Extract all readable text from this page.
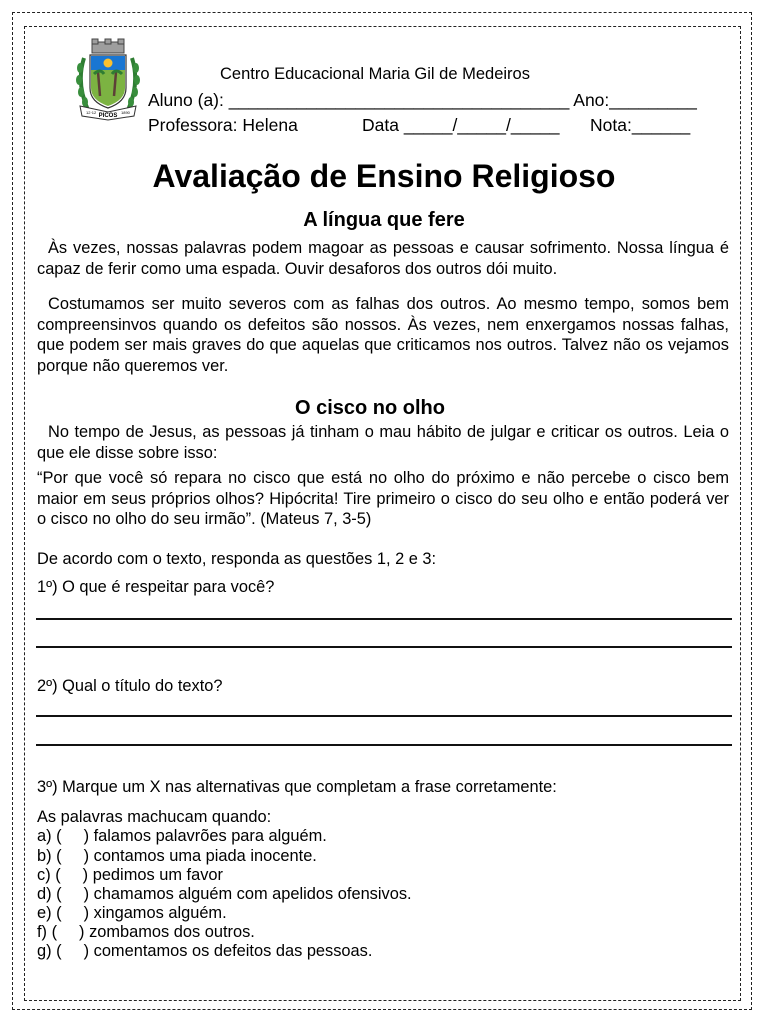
PICOS
12·12	1890
Centro Educacional Maria Gil de Medeiros
Aluno (a): ___________________________________ Ano:_________
Professora: Helena	Data _____/_____/_____ Nota:______
Avaliação de Ensino Religioso
A língua que fere
Às vezes, nossas palavras podem magoar as pessoas e causar sofrimento. Nossa língua é capaz de ferir como uma espada. Ouvir desaforos dos outros dói muito.
Costumamos ser muito severos com as falhas dos outros. Ao mesmo tempo, somos bem compreensinvos quando os defeitos são nossos. Às vezes, nem enxergamos nossas falhas, que podem ser mais graves do que aquelas que criticamos nos outros. Talvez não os vejamos porque não queremos ver.
O cisco no olho
No tempo de Jesus, as pessoas já tinham o mau hábito de julgar e criticar os outros. Leia o que ele disse sobre isso:
“Por que você só repara no cisco que está no olho do próximo e não percebe o cisco bem maior em seus próprios olhos? Hipócrita! Tire primeiro o cisco do seu olho e então poderá ver o cisco no olho do seu irmão”. (Mateus 7, 3-5)
De acordo com o texto, responda as questões 1, 2 e 3:
1º) O que é respeitar para você?
2º) Qual o título do texto?
3º) Marque um X nas alternativas que completam a frase corretamente:
As palavras machucam quando:
a) ( ) falamos palavrões para alguém.
b) ( ) contamos uma piada inocente.
c) ( ) pedimos um favor
d) ( ) chamamos alguém com apelidos ofensivos.
e) ( ) xingamos alguém.
f) ( ) zombamos dos outros.
g) ( ) comentamos os defeitos das pessoas.
